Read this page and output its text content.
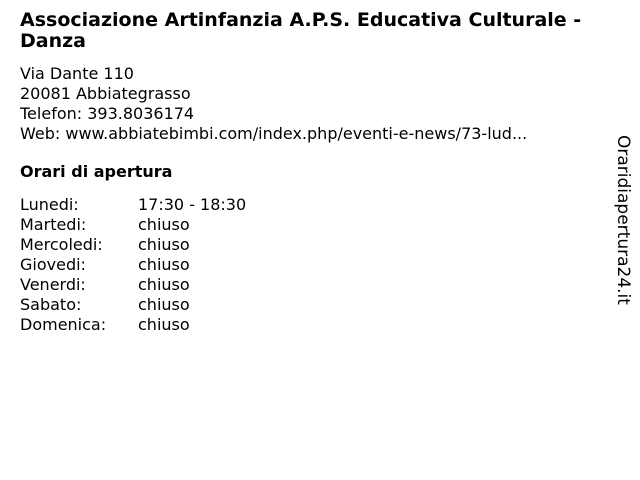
Associazione Artinfanzia A.P.S. Educativa Culturale -Danza
Via Dante 110
20081 Abbiategrasso
Telefon: 393.8036174
Web: www.abbiatebimbi.com/index.php/eventi-e-news/73-lud...
Orari di apertura
Lunedi:	17:30 - 18:30
Martedi:	chiuso
Mercoledi:	chiuso
Giovedi:	chiuso
Venerdi:	chiuso
Sabato:	chiuso
Domenica:	chiuso
Oraridiapertura24.it
